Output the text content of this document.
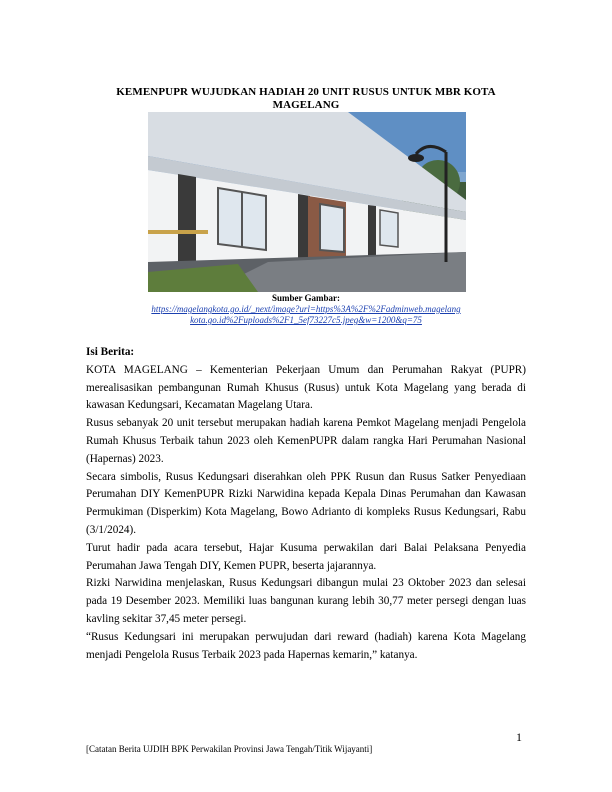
KEMENPUPR WUJUDKAN HADIAH 20 UNIT RUSUS UNTUK MBR KOTA MAGELANG
Sumber Gambar:
https://magelangkota.go.id/_next/image?url=https%3A%2F%2Fadminweb.magelang
kota.go.id%2Fuploads%2F1_5ef73227c5.jpeg&w=1200&q=75
Isi Berita:

KOTA MAGELANG – Kementerian Pekerjaan Umum dan Perumahan Rakyat (PUPR) merealisasikan pembangunan Rumah Khusus (Rusus) untuk Kota Magelang yang berada di kawasan Kedungsari, Kecamatan Magelang Utara.

Rusus sebanyak 20 unit tersebut merupakan hadiah karena Pemkot Magelang menjadi Pengelola Rumah Khusus Terbaik tahun 2023 oleh KemenPUPR dalam rangka Hari Perumahan Nasional (Hapernas) 2023.

Secara simbolis, Rusus Kedungsari diserahkan oleh PPK Rusun dan Rusus Satker Penyediaan Perumahan DIY KemenPUPR Rizki Narwidina kepada Kepala Dinas Perumahan dan Kawasan Permukiman (Disperkim) Kota Magelang, Bowo Adrianto di kompleks Rusus Kedungsari, Rabu (3/1/2024).

Turut hadir pada acara tersebut, Hajar Kusuma perwakilan dari Balai Pelaksana Penyedia Perumahan Jawa Tengah DIY, Kemen PUPR, beserta jajarannya.

Rizki Narwidina menjelaskan, Rusus Kedungsari dibangun mulai 23 Oktober 2023 dan selesai pada 19 Desember 2023. Memiliki luas bangunan kurang lebih 30,77 meter persegi dengan luas kavling sekitar 37,45 meter persegi.

“Rusus Kedungsari ini merupakan perwujudan dari reward (hadiah) karena Kota Magelang menjadi Pengelola Rusus Terbaik 2023 pada Hapernas kemarin,” katanya.

1
[Catatan Berita UJDIH BPK Perwakilan Provinsi Jawa Tengah/Titik Wijayanti]
